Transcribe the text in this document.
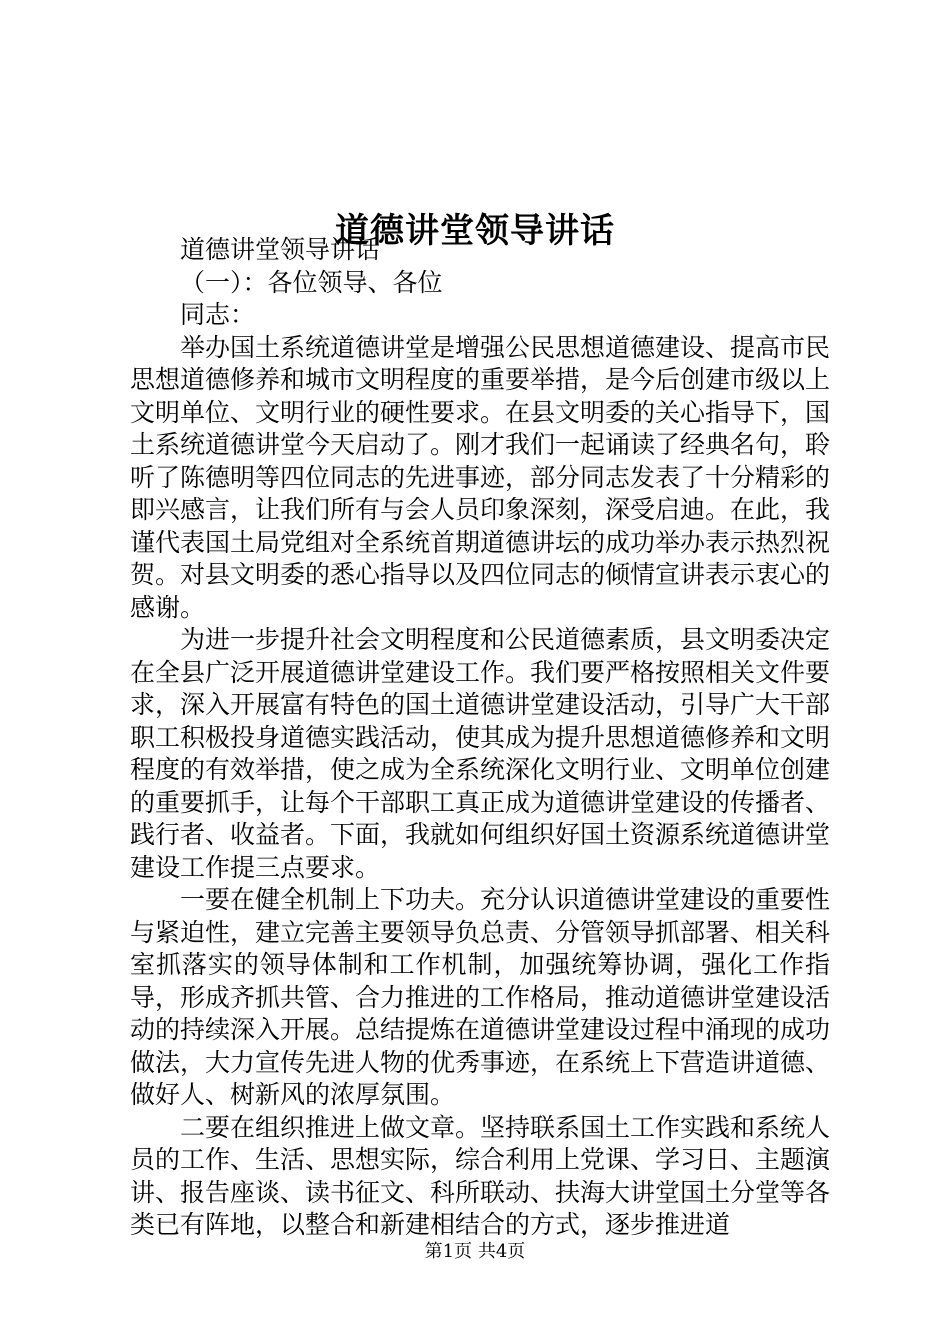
道德讲堂领导讲话

道德讲堂领导讲话

（一）：各位领导、各位

同志：

举办国土系统道德讲堂是增强公民思想道德建设、提高市民思想道德修养和城市文明程度的重要举措，是今后创建市级以上文明单位、文明行业的硬性要求。在县文明委的关心指导下，国土系统道德讲堂今天启动了。刚才我们一起诵读了经典名句，聆听了陈德明等四位同志的先进事迹，部分同志发表了十分精彩的即兴感言，让我们所有与会人员印象深刻，深受启迪。在此，我谨代表国土局党组对全系统首期道德讲坛的成功举办表示热烈祝贺。对县文明委的悉心指导以及四位同志的倾情宣讲表示衷心的感谢。

为进一步提升社会文明程度和公民道德素质，县文明委决定在全县广泛开展道德讲堂建设工作。我们要严格按照相关文件要求，深入开展富有特色的国土道德讲堂建设活动，引导广大干部职工积极投身道德实践活动，使其成为提升思想道德修养和文明程度的有效举措，使之成为全系统深化文明行业、文明单位创建的重要抓手，让每个干部职工真正成为道德讲堂建设的传播者、践行者、收益者。下面，我就如何组织好国土资源系统道德讲堂建设工作提三点要求。

一要在健全机制上下功夫。充分认识道德讲堂建设的重要性与紧迫性，建立完善主要领导负总责、分管领导抓部署、相关科室抓落实的领导体制和工作机制，加强统筹协调，强化工作指导，形成齐抓共管、合力推进的工作格局，推动道德讲堂建设活动的持续深入开展。总结提炼在道德讲堂建设过程中涌现的成功做法，大力宣传先进人物的优秀事迹，在系统上下营造讲道德、做好人、树新风的浓厚氛围。

二要在组织推进上做文章。坚持联系国土工作实践和系统人员的工作、生活、思想实际，综合利用上党课、学习日、主题演讲、报告座谈、读书征文、科所联动、扶海大讲堂国土分堂等各类已有阵地，以整合和新建相结合的方式，逐步推进道

第1页 共4页
